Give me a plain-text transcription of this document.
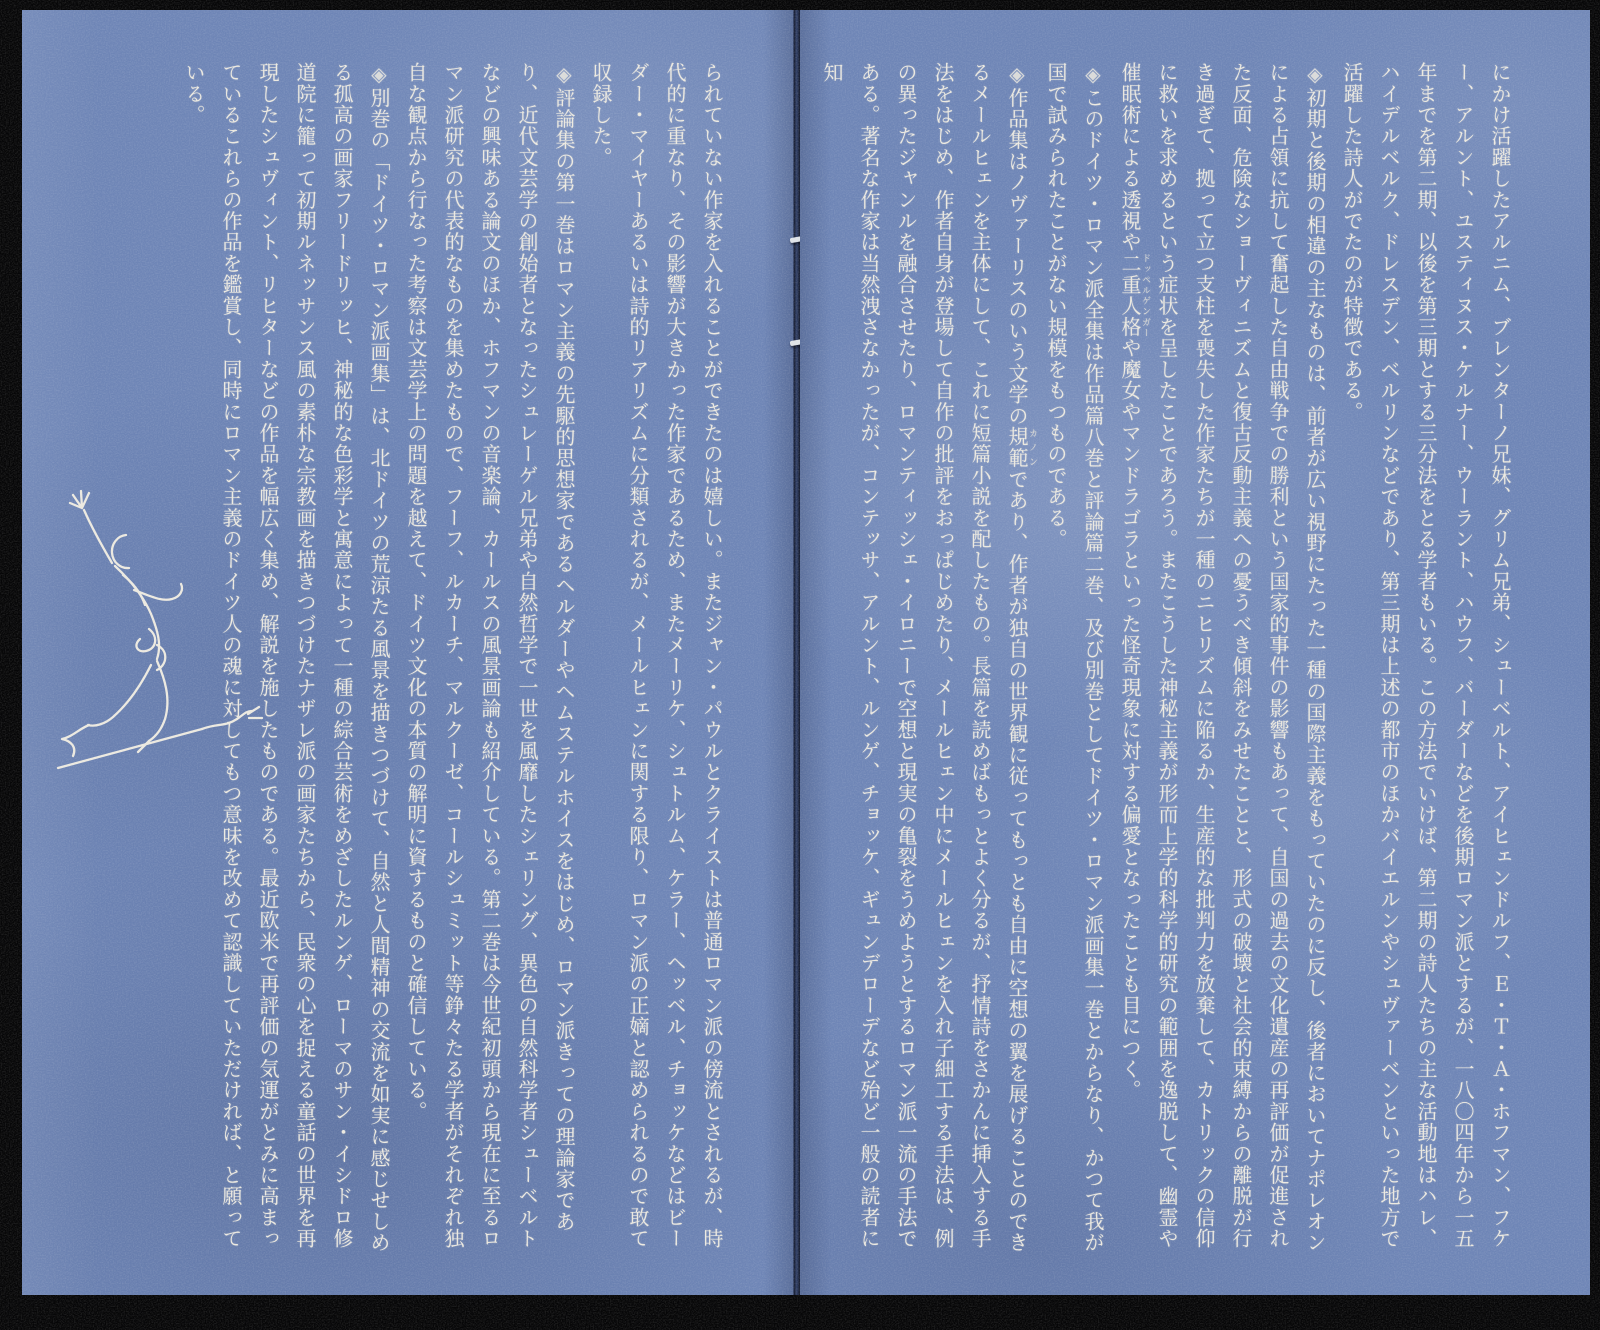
られていない作家を入れることができたのは嬉しい。またジャン・パウルとクライストは普通ロマン派の傍流とされるが、時代的に重なり、その影響が大きかった作家であるため、またメーリケ、シュトルム、ケラー、ヘッベル、チョッケなどはビーダー・マイヤーあるいは詩的リアリズムに分類されるが、メールヒェンに関する限り、ロマン派の正嫡と認められるので敢て収録した。

◈評論集の第一巻はロマン主義の先駆的思想家であるヘルダーやヘムステルホイスをはじめ、ロマン派きっての理論家であり、近代文芸学の創始者となったシュレーゲル兄弟や自然哲学で一世を風靡したシェリング、異色の自然科学者シューベルトなどの興味ある論文のほか、ホフマンの音楽論、カールスの風景画論も紹介している。第二巻は今世紀初頭から現在に至るロマン派研究の代表的なものを集めたもので、フーフ、ルカーチ、マルクーゼ、コールシュミット等錚々たる学者がそれぞれ独自な観点から行なった考察は文芸学上の問題を越えて、ドイツ文化の本質の解明に資するものと確信している。

◈別巻の「ドイツ・ロマン派画集」は、北ドイツの荒涼たる風景を描きつづけて、自然と人間精神の交流を如実に感じせしめる孤高の画家フリードリッヒ、神秘的な色彩学と寓意によって一種の綜合芸術をめざしたルンゲ、ローマのサン・イシドロ修道院に籠って初期ルネッサンス風の素朴な宗教画を描きつづけたナザレ派の画家たちから、民衆の心を捉える童話の世界を再現したシュヴィント、リヒターなどの作品を幅広く集め、解説を施したものである。最近欧米で再評価の気運がとみに高まっているこれらの作品を鑑賞し、同時にロマン主義のドイツ人の魂に対してもつ意味を改めて認識していただければ、と願っている。	にかけ活躍したアルニム、ブレンターノ兄妹、グリム兄弟、シューベルト、アイヒェンドルフ、Ｅ・Ｔ・Ａ・ホフマン、フケー、アルント、ユスティヌス・ケルナー、ウーラント、ハウフ、バーダーなどを後期ロマン派とするが、一八〇四年から一五年までを第二期、以後を第三期とする三分法をとる学者もいる。この方法でいけば、第二期の詩人たちの主な活動地はハレ、ハイデルベルク、ドレスデン、ベルリンなどであり、第三期は上述の都市のほかバイエルンやシュヴァーベンといった地方で活躍した詩人がでたのが特徴である。

◈初期と後期の相違の主なものは、前者が広い視野にたった一種の国際主義をもっていたのに反し、後者においてナポレオンによる占領に抗して奮起した自由戦争での勝利という国家的事件の影響もあって、自国の過去の文化遺産の再評価が促進された反面、危険なショーヴィニズムと復古反動主義への憂うべき傾斜をみせたことと、形式の破壊と社会的束縛からの離脱が行き過ぎて、拠って立つ支柱を喪失した作家たちが一種のニヒリズムに陥るか、生産的な批判力を放棄して、カトリックの信仰に救いを求めるという症状を呈したことであろう。またこうした神秘主義が形而上学的科学的研究の範囲を逸脱して、幽霊や催眠術による透視や二重人格ドッペルゲンガーや魔女やマンドラゴラといった怪奇現象に対する偏愛となったことも目につく。

◈このドイツ・ロマン派全集は作品篇八巻と評論篇二巻、及び別巻としてドイツ・ロマン派画集一巻とからなり、かつて我が国で試みられたことがない規模をもつものである。

◈作品集はノヴァーリスのいう文学の規範カノンであり、作者が独自の世界観に従ってもっとも自由に空想の翼を展げることのできるメールヒェンを主体にして、これに短篇小説を配したもの。長篇を読めばもっとよく分るが、抒情詩をさかんに挿入する手法をはじめ、作者自身が登場して自作の批評をおっぱじめたり、メールヒェン中にメールヒェンを入れ子細工する手法は、例の異ったジャンルを融合させたり、ロマンティッシェ・イロニーで空想と現実の亀裂をうめようとするロマン派一流の手法である。著名な作家は当然洩さなかったが、コンテッサ、アルント、ルンゲ、チョッケ、ギュンデローデなど殆ど一般の読者に知
